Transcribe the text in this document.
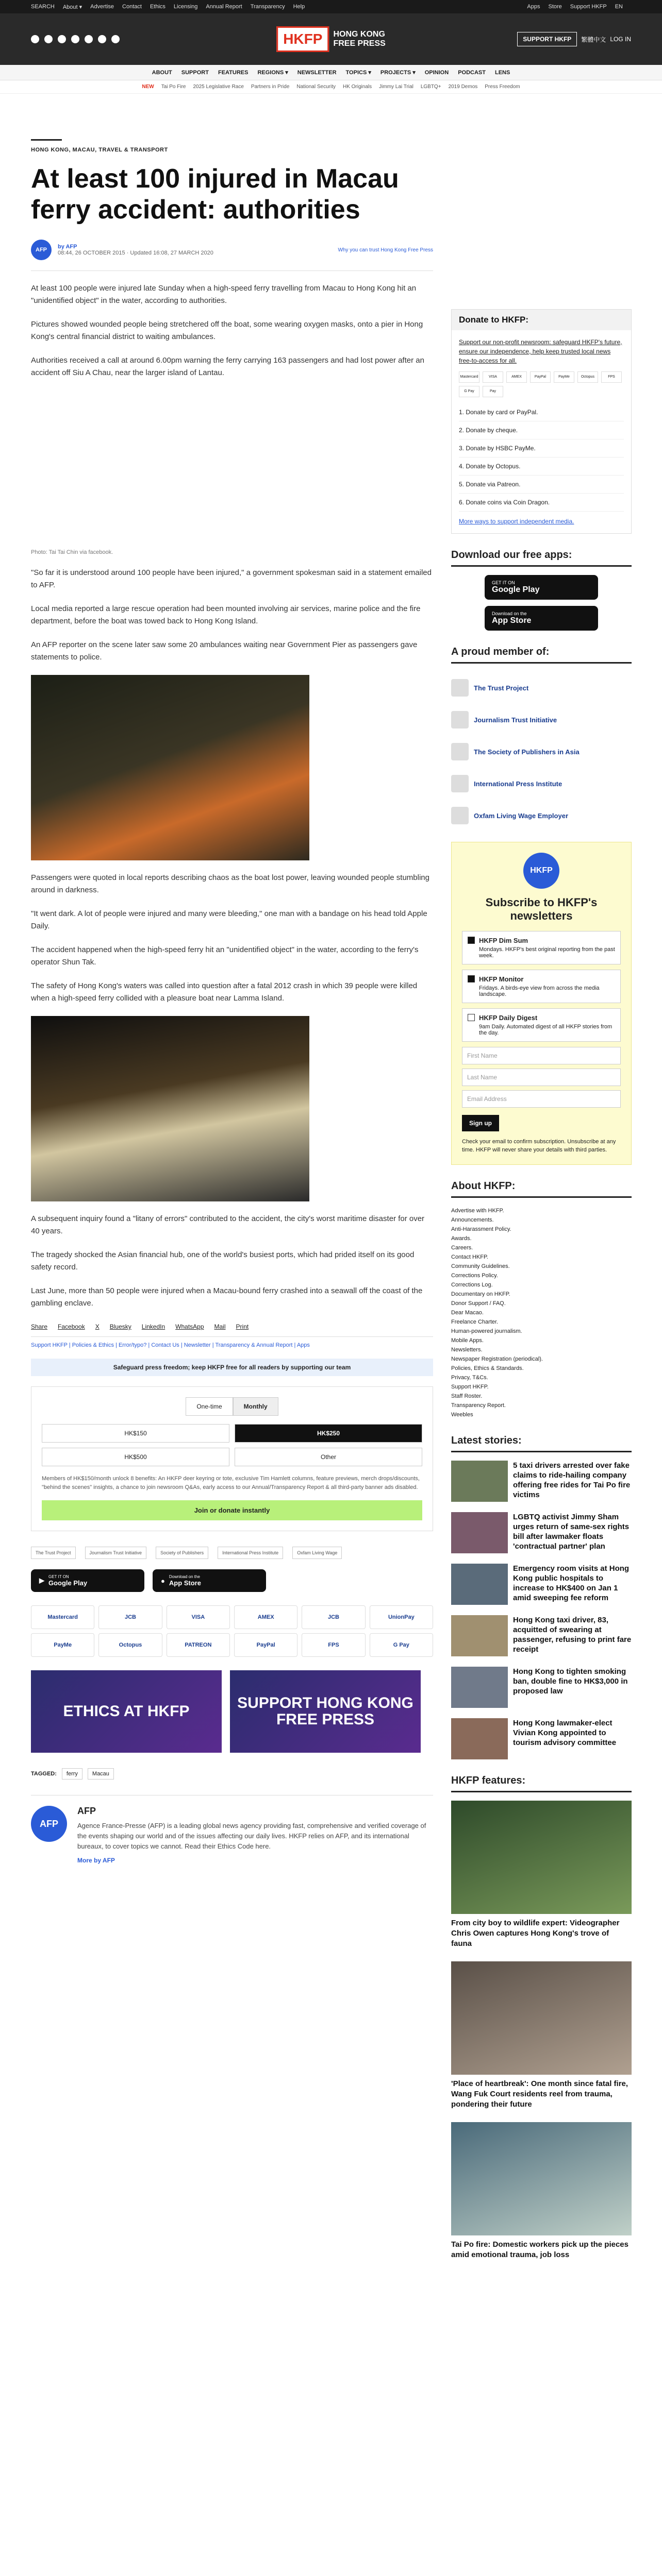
SEARCH About ▾ Advertise Contact Ethics Licensing Annual Report Transparency Help	Apps Store Support HKFP EN
HKFP	HONG KONG
FREE PRESS	SUPPORT HKFP	繁體中文 LOG IN
ABOUT SUPPORT FEATURES REGIONS ▾ NEWSLETTER TOPICS ▾ PROJECTS ▾ OPINION PODCAST LENS
NEW Tai Po Fire 2025 Legislative Race Partners in Pride National Security HK Originals Jimmy Lai Trial LGBTQ+ 2019 Demos Press Freedom
HONG KONG, MACAU, TRAVEL & TRANSPORT
At least 100 injured in Macau ferry accident: authorities
AFP	by AFP
08:44, 26 OCTOBER 2015 · Updated 16:08, 27 MARCH 2020	Why you can trust Hong Kong Free Press

At least 100 people were injured late Sunday when a high-speed ferry travelling from Macau to Hong Kong hit an "unidentified object" in the water, according to authorities.

Pictures showed wounded people being stretchered off the boat, some wearing oxygen masks, onto a pier in Hong Kong's central financial district to waiting ambulances.

Authorities received a call at around 6.00pm warning the ferry carrying 163 passengers and had lost power after an accident off Siu A Chau, near the larger island of Lantau.

Photo: Tai Tai Chin via facebook.

"So far it is understood around 100 people have been injured," a government spokesman said in a statement emailed to AFP.

Local media reported a large rescue operation had been mounted involving air services, marine police and the fire department, before the boat was towed back to Hong Kong Island.

An AFP reporter on the scene later saw some 20 ambulances waiting near Government Pier as passengers gave statements to police.

Passengers were quoted in local reports describing chaos as the boat lost power, leaving wounded people stumbling around in darkness.

"It went dark. A lot of people were injured and many were bleeding," one man with a bandage on his head told Apple Daily.

The accident happened when the high-speed ferry hit an "unidentified object" in the water, according to the ferry's operator Shun Tak.

The safety of Hong Kong's waters was called into question after a fatal 2012 crash in which 39 people were killed when a high-speed ferry collided with a pleasure boat near Lamma Island.

A subsequent inquiry found a "litany of errors" contributed to the accident, the city's worst maritime disaster for over 40 years.

The tragedy shocked the Asian financial hub, one of the world's busiest ports, which had prided itself on its good safety record.

Last June, more than 50 people were injured when a Macau-bound ferry crashed into a seawall off the coast of the gambling enclave.

Share Facebook X Bluesky LinkedIn WhatsApp Mail Print
Support HKFP | Policies & Ethics | Error/typo? | Contact Us | Newsletter | Transparency & Annual Report | Apps
Safeguard press freedom; keep HKFP free for all readers by supporting our team
One-time	Monthly
HK$150	HK$250
HK$500	Other
Members of HK$150/month unlock 8 benefits: An HKFP deer keyring or tote, exclusive Tim Hamlett columns, feature previews, merch drops/discounts, "behind the scenes" insights, a chance to join newsroom Q&As, early access to our Annual/Transparency Report & all third-party banner ads disabled.
Join or donate instantly
The Trust Project	Journalism Trust Initiative	Society of Publishers	International Press Institute	Oxfam Living Wage
▶ GET IT ON
Google Play	● Download on the
App Store
Mastercard	JCB	VISA	AMEX	JCB	UnionPay
PayMe	Octopus	PATREON	PayPal	FPS	G Pay
ETHICS AT HKFP	SUPPORT HONG KONG FREE PRESS
TAGGED:	ferry	Macau
AFP
AFP

Agence France-Presse (AFP) is a leading global news agency providing fast, comprehensive and verified coverage of the events shaping our world and of the issues affecting our daily lives. HKFP relies on AFP, and its international bureaux, to cover topics we cannot. Read their Ethics Code here.

More by AFP
Donate to HKFP:
Support our non-profit newsroom: safeguard HKFP's future, ensure our independence, help keep trusted local news free-to-access for all.
Mastercard	VISA	AMEX	PayPal	PayMe	Octopus	FPS
G Pay	Pay
1. Donate by card or PayPal.
2. Donate by cheque.
3. Donate by HSBC PayMe.
4. Donate by Octopus.
5. Donate via Patreon.
6. Donate coins via Coin Dragon.
More ways to support independent media.
Download our free apps:
GET IT ON
Google Play
Download on the
App Store
A proud member of:
The Trust Project
Journalism Trust Initiative
The Society of Publishers in Asia
International Press Institute
Oxfam Living Wage Employer
HKFP
Subscribe to HKFP's newsletters
HKFP Dim Sum
Mondays. HKFP's best original reporting from the past week.
HKFP Monitor
Fridays. A birds-eye view from across the media landscape.
HKFP Daily Digest
9am Daily. Automated digest of all HKFP stories from the day.
First Name
Last Name
Email Address
Sign up
Check your email to confirm subscription. Unsubscribe at any time. HKFP will never share your details with third parties.
About HKFP:
Advertise with HKFP.
Announcements.
Anti-Harassment Policy.
Awards.
Careers.
Contact HKFP.
Community Guidelines.
Corrections Policy.
Corrections Log.
Documentary on HKFP.
Donor Support / FAQ.
Dear Macao.
Freelance Charter.
Human-powered journalism.
Mobile Apps.
Newsletters.
Newspaper Registration (periodical).
Policies, Ethics & Standards.
Privacy, T&Cs.
Support HKFP.
Staff Roster.
Transparency Report.
Weebles
Latest stories:
5 taxi drivers arrested over fake claims to ride-hailing company offering free rides for Tai Po fire victims
LGBTQ activist Jimmy Sham urges return of same-sex rights bill after lawmaker floats 'contractual partner' plan
Emergency room visits at Hong Kong public hospitals to increase to HK$400 on Jan 1 amid sweeping fee reform
Hong Kong taxi driver, 83, acquitted of swearing at passenger, refusing to print fare receipt
Hong Kong to tighten smoking ban, double fine to HK$3,000 in proposed law
Hong Kong lawmaker-elect Vivian Kong appointed to tourism advisory committee
HKFP features:
From city boy to wildlife expert: Videographer Chris Owen captures Hong Kong's trove of fauna
'Place of heartbreak': One month since fatal fire, Wang Fuk Court residents reel from trauma, pondering their future
Tai Po fire: Domestic workers pick up the pieces amid emotional trauma, job loss
